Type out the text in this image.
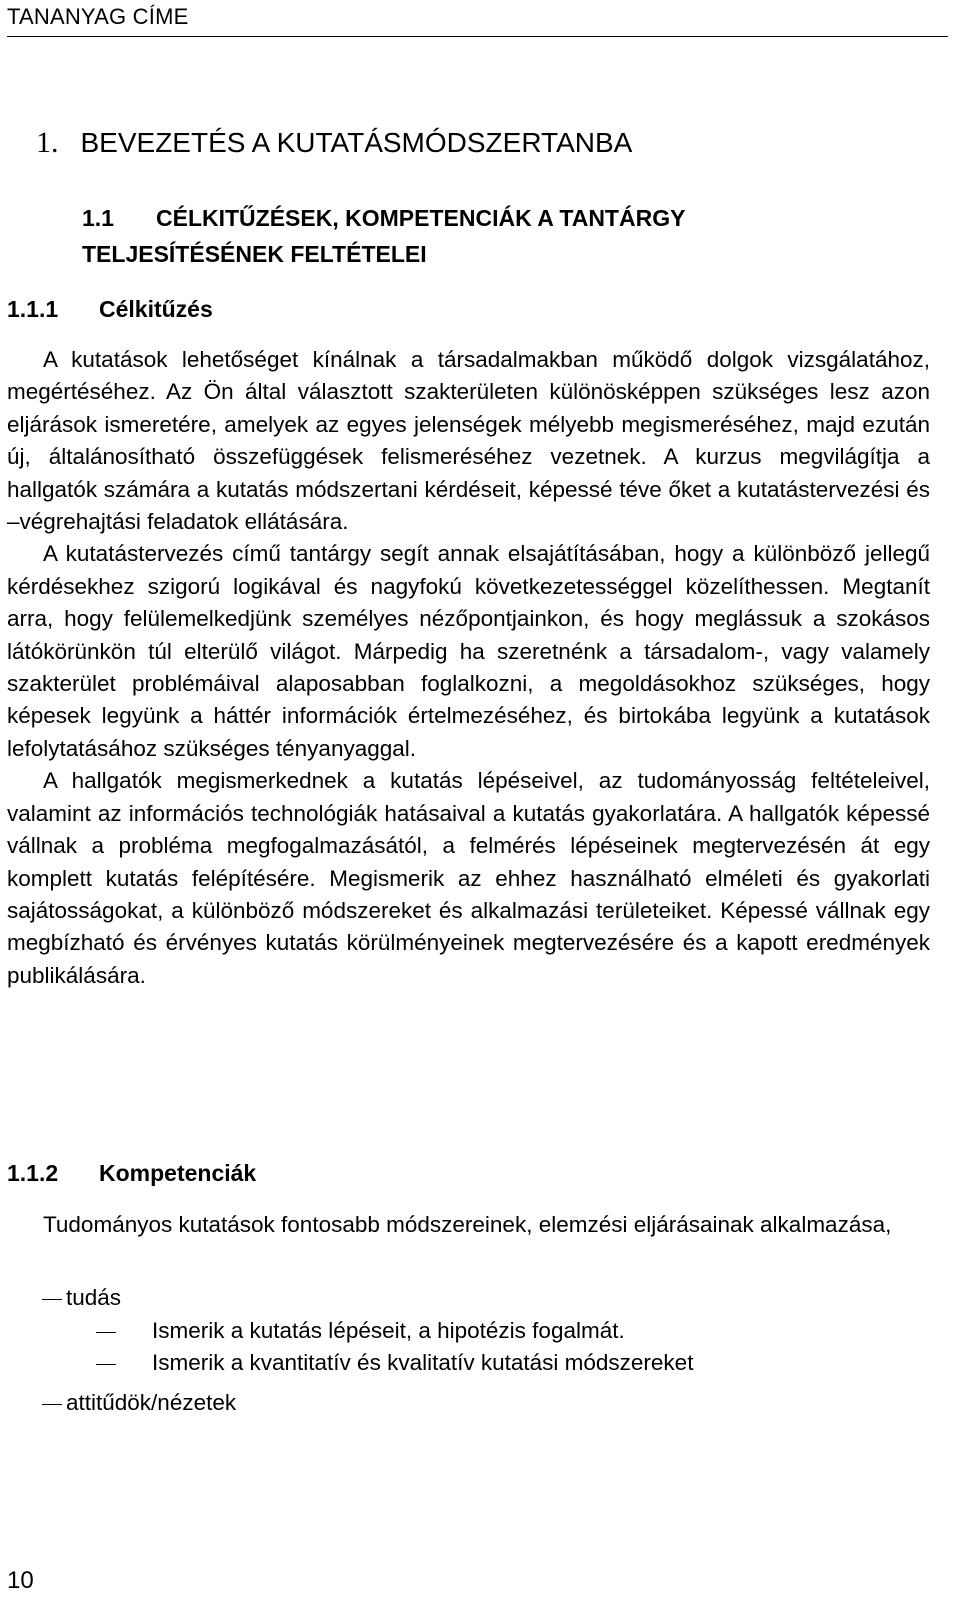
TANANYAG CÍME
1. BEVEZETÉS A KUTATÁSMÓDSZERTANBA
1.1 CÉLKITŰZÉSEK, KOMPETENCIÁK A TANTÁRGY
TELJESÍTÉSÉNEK FELTÉTELEI
1.1.1 Célkitűzés

A kutatások lehetőséget kínálnak a társadalmakban működő dolgok vizsgálatához, megértéséhez. Az Ön által választott szakterületen különösképpen szükséges lesz azon eljárások ismeretére, amelyek az egyes jelenségek mélyebb megismeréséhez, majd ezután új, általánosítható összefüggések felismeréséhez vezetnek. A kurzus megvilágítja a hallgatók számára a kutatás módszertani kérdéseit, képessé téve őket a kutatástervezési és –végrehajtási feladatok ellátására.

A kutatástervezés című tantárgy segít annak elsajátításában, hogy a különböző jellegű kérdésekhez szigorú logikával és nagyfokú következetességgel közelíthessen. Megtanít arra, hogy felülemelkedjünk személyes nézőpontjainkon, és hogy meglássuk a szokásos látókörünkön túl elterülő világot. Márpedig ha szeretnénk a társadalom-, vagy valamely szakterület problémáival alaposabban foglalkozni, a megoldásokhoz szükséges, hogy képesek legyünk a háttér információk értelmezéséhez, és birtokába legyünk a kutatások lefolytatásához szükséges tényanyaggal.

A hallgatók megismerkednek a kutatás lépéseivel, az tudományosság feltételeivel, valamint az információs technológiák hatásaival a kutatás gyakorlatára. A hallgatók képessé vállnak a probléma megfogalmazásától, a felmérés lépéseinek megtervezésén át egy komplett kutatás felépítésére. Megismerik az ehhez használható elméleti és gyakorlati sajátosságokat, a különböző módszereket és alkalmazási területeiket. Képessé vállnak egy megbízható és érvényes kutatás körülményeinek megtervezésére és a kapott eredmények publikálására.

1.1.2 Kompetenciák

Tudományos kutatások fontosabb módszereinek, elemzési eljárásainak alkalmazása,

tudás
Ismerik a kutatás lépéseit, a hipotézis fogalmát.
Ismerik a kvantitatív és kvalitatív kutatási módszereket
attitűdök/nézetek
10
